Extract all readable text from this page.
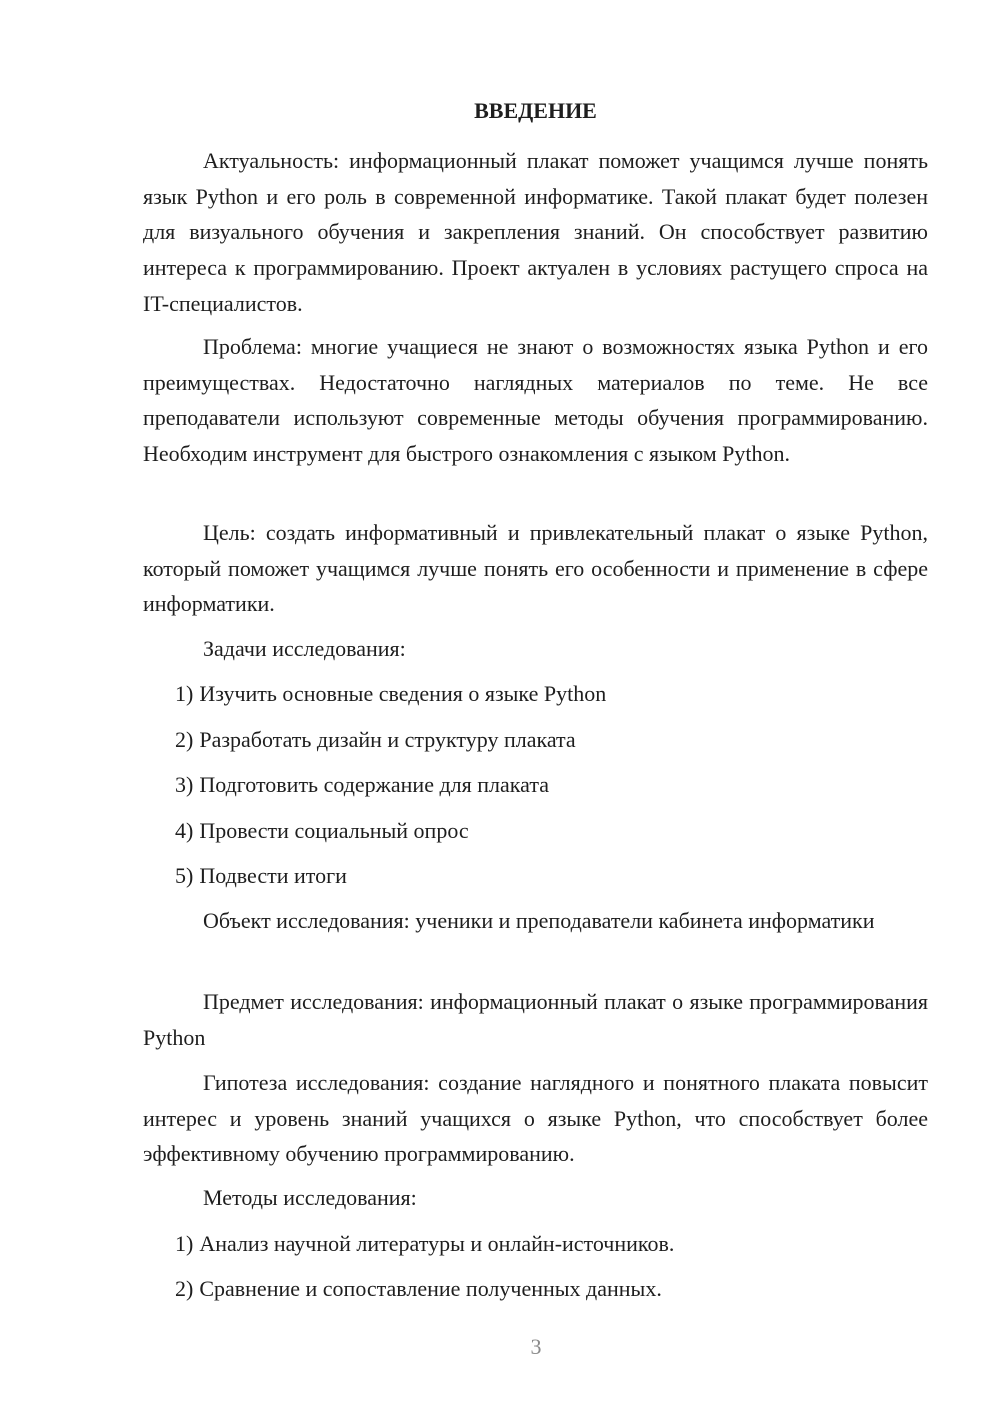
ВВЕДЕНИЕ

Актуальность: информационный плакат поможет учащимся лучше понять язык Python и его роль в современной информатике. Такой плакат будет полезен для визуального обучения и закрепления знаний. Он способствует развитию интереса к программированию. Проект актуален в условиях растущего спроса на IT-специалистов.

Проблема: многие учащиеся не знают о возможностях языка Python и его преимуществах. Недостаточно наглядных материалов по теме. Не все преподаватели используют современные методы обучения программированию. Необходим инструмент для быстрого ознакомления с языком Python.

Цель: создать информативный и привлекательный плакат о языке Python, который поможет учащимся лучше понять его особенности и применение в сфере информатики.

Задачи исследования:

1) Изучить основные сведения о языке Python

2) Разработать дизайн и структуру плаката

3) Подготовить содержание для плаката

4) Провести социальный опрос

5) Подвести итоги

Объект исследования: ученики и преподаватели кабинета информатики

Предмет исследования: информационный плакат о языке программирования Python

Гипотеза исследования: создание наглядного и понятного плаката повысит интерес и уровень знаний учащихся о языке Python, что способствует более эффективному обучению программированию.

Методы исследования:

1) Анализ научной литературы и онлайн-источников.

2) Сравнение и сопоставление полученных данных.

3
